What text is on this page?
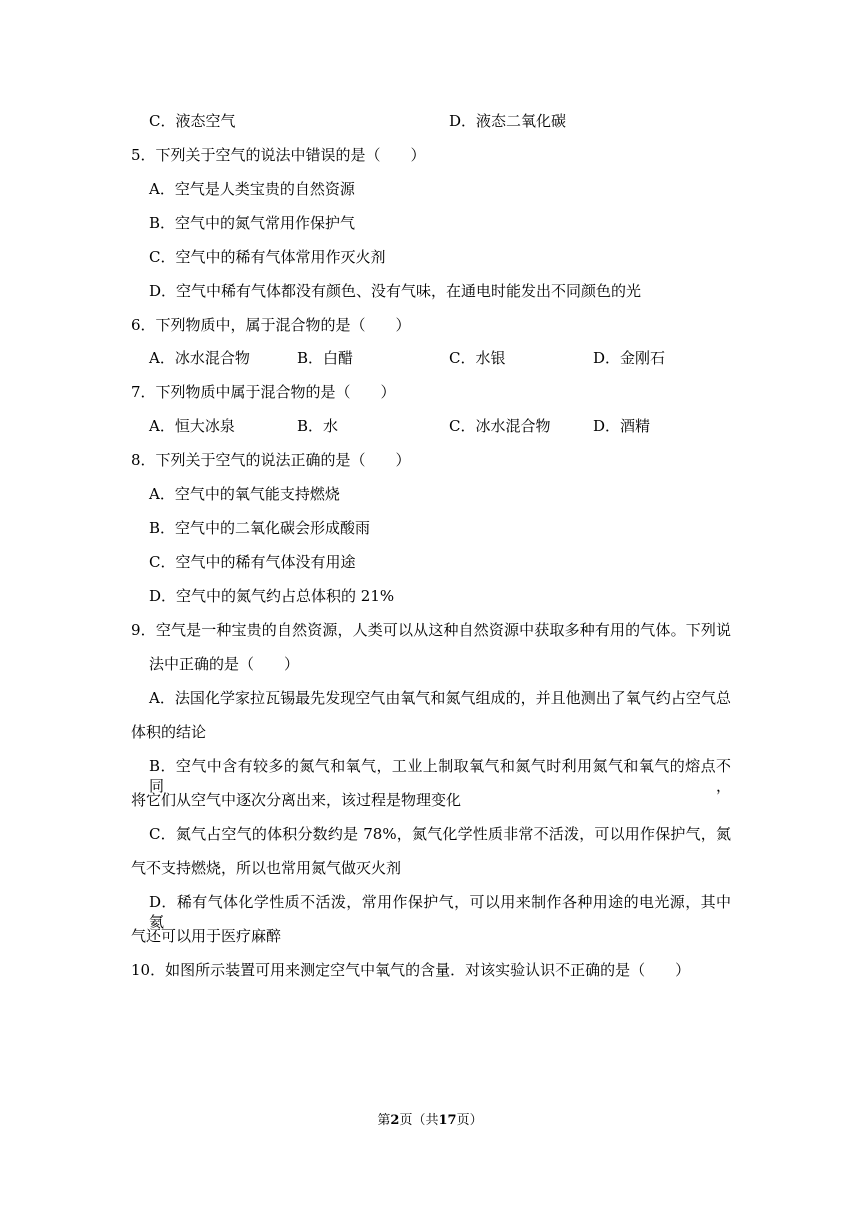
C．液态空气	D．液态二氧化碳
5．下列关于空气的说法中错误的是（　　）
A．空气是人类宝贵的自然资源
B．空气中的氮气常用作保护气
C．空气中的稀有气体常用作灭火剂
D．空气中稀有气体都没有颜色、没有气味，在通电时能发出不同颜色的光
6．下列物质中，属于混合物的是（　　）
A．冰水混合物	B．白醋	C．水银	D．金刚石
7．下列物质中属于混合物的是（　　）
A．恒大冰泉	B．水	C．冰水混合物	D．酒精
8．下列关于空气的说法正确的是（　　）
A．空气中的氧气能支持燃烧
B．空气中的二氧化碳会形成酸雨
C．空气中的稀有气体没有用途
D．空气中的氮气约占总体积的 21%
9．空气是一种宝贵的自然资源，人类可以从这种自然资源中获取多种有用的气体。下列说
法中正确的是（　　）
A．法国化学家拉瓦锡最先发现空气由氧气和氮气组成的，并且他测出了氧气约占空气总
体积的结论
B．空气中含有较多的氮气和氧气，工业上制取氧气和氮气时利用氮气和氧气的熔点不同，
将它们从空气中逐次分离出来，该过程是物理变化
C．氮气占空气的体积分数约是 78%，氮气化学性质非常不活泼，可以用作保护气，氮
气不支持燃烧，所以也常用氮气做灭火剂
D．稀有气体化学性质不活泼，常用作保护气，可以用来制作各种用途的电光源，其中氦
气还可以用于医疗麻醉
10．如图所示装置可用来测定空气中氧气的含量．对该实验认识不正确的是（　　）
第2页（共17页）
